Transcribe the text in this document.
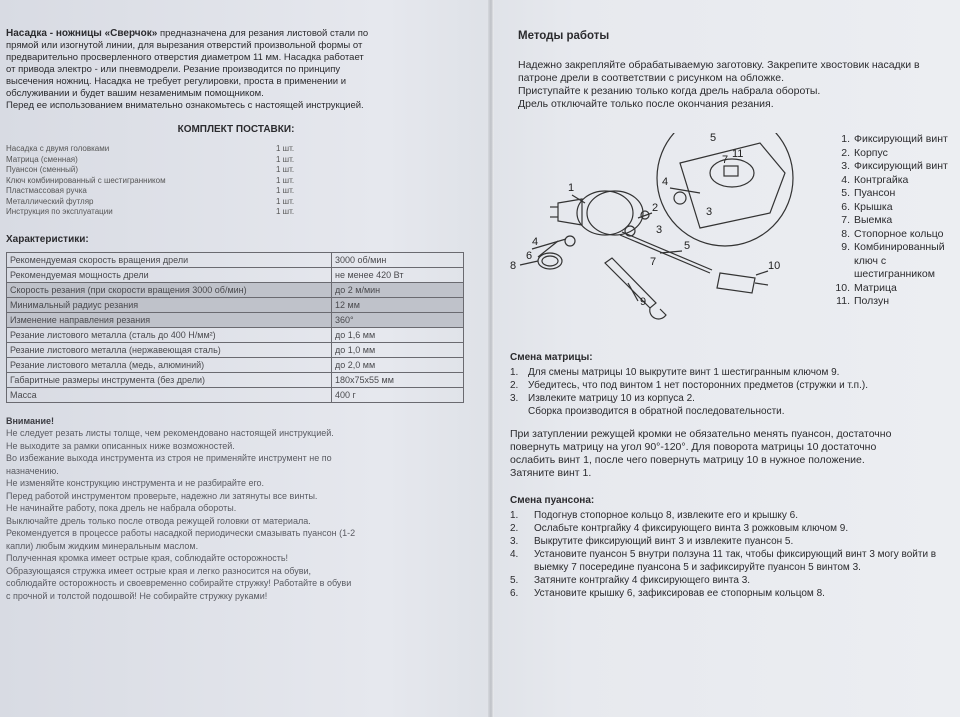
Насадка - ножницы «Сверчок» предназначена для резания листовой стали по
прямой или изогнутой линии, для вырезания отверстий произвольной формы от
предварительно просверленного отверстия диаметром 11 мм. Насадка работает
от привода электро - или пневмодрели. Резание производится по принципу
высечения ножниц. Насадка не требует регулировки, проста в применении и
обслуживании и будет вашим незаменимым помощником.
Перед ее использованием внимательно ознакомьтесь с настоящей инструкцией.
КОМПЛЕКТ ПОСТАВКИ:
Насадка с двумя головками	1 шт.
Матрица (сменная)	1 шт.
Пуансон (сменный)	1 шт.
Ключ комбинированный с шестигранником	1 шт.
Пластмассовая ручка	1 шт.
Металлический футляр	1 шт.
Инструкция по эксплуатации	1 шт.
Характеристики:
Рекомендуемая скорость вращения дрели	3000 об/мин
Рекомендуемая мощность дрели	не менее 420 Вт
Скорость резания (при скорости вращения 3000 об/мин)	до 2 м/мин
Минимальный радиус резания	12 мм
Изменение направления резания	360°
Резание листового металла (сталь до 400 Н/мм²)	до 1,6 мм
Резание листового металла (нержавеющая сталь)	до 1,0 мм
Резание листового металла (медь, алюминий)	до 2,0 мм
Габаритные размеры инструмента (без дрели)	180x75x55 мм
Масса	400 г
Внимание!
Не следует резать листы толще, чем рекомендовано настоящей инструкцией.
Не выходите за рамки описанных ниже возможностей.
Во избежание выхода инструмента из строя не применяйте инструмент не по
назначению.
Не изменяйте конструкцию инструмента и не разбирайте его.
Перед работой инструментом проверьте, надежно ли затянуты все винты.
Не начинайте работу, пока дрель не набрала обороты.
Выключайте дрель только после отвода режущей головки от материала.
Рекомендуется в процессе работы насадкой периодически смазывать пуансон (1-2
капли) любым жидким минеральным маслом.
Полученная кромка имеет острые края, соблюдайте осторожность!
Образующаяся стружка имеет острые края и легко разносится на обуви,
соблюдайте осторожность и своевременно собирайте стружку! Работайте в обуви
с прочной и толстой подошвой! Не собирайте стружку руками!
Методы работы
Надежно закрепляйте обрабатываемую заготовку. Закрепите хвостовик насадки в
патроне дрели в соответствии с рисунком на обложке.
Приступайте к резанию только когда дрель набрала обороты.
Дрель отключайте только после окончания резания.
1
2
3
4	5
6	7
8
9
10
5
11
7
4
3
1. Фиксирующий винт
2. Корпус
3. Фиксирующий винт
4. Контргайка
5. Пуансон
6. Крышка
7. Выемка
8. Стопорное кольцо
9. Комбинированный
ключ с
шестигранником
10. Матрица
11. Ползун
Смена матрицы:
1. Для смены матрицы 10 выкрутите винт 1 шестигранным ключом 9.
2. Убедитесь, что под винтом 1 нет посторонних предметов (стружки и т.п.).
3. Извлеките матрицу 10 из корпуса 2.
Сборка производится в обратной последовательности.
При затуплении режущей кромки не обязательно менять пуансон, достаточно
повернуть матрицу на угол 90°-120°. Для поворота матрицы 10 достаточно
ослабить винт 1, после чего повернуть матрицу 10 в нужное положение.
Затяните винт 1.
Смена пуансона:
1.	Подогнув стопорное кольцо 8, извлеките его и крышку 6.
2.	Ослабьте контргайку 4 фиксирующего винта 3 рожковым ключом 9.
3.	Выкрутите фиксирующий винт 3 и извлеките пуансон 5.
4.	Установите пуансон 5 внутри ползуна 11 так, чтобы фиксирующий винт 3 могу войти в выемку 7 посередине пуансона 5 и зафиксируйте пуансон 5 винтом 3.
5.	Затяните контргайку 4 фиксирующего винта 3.
6.	Установите крышку 6, зафиксировав ее стопорным кольцом 8.
